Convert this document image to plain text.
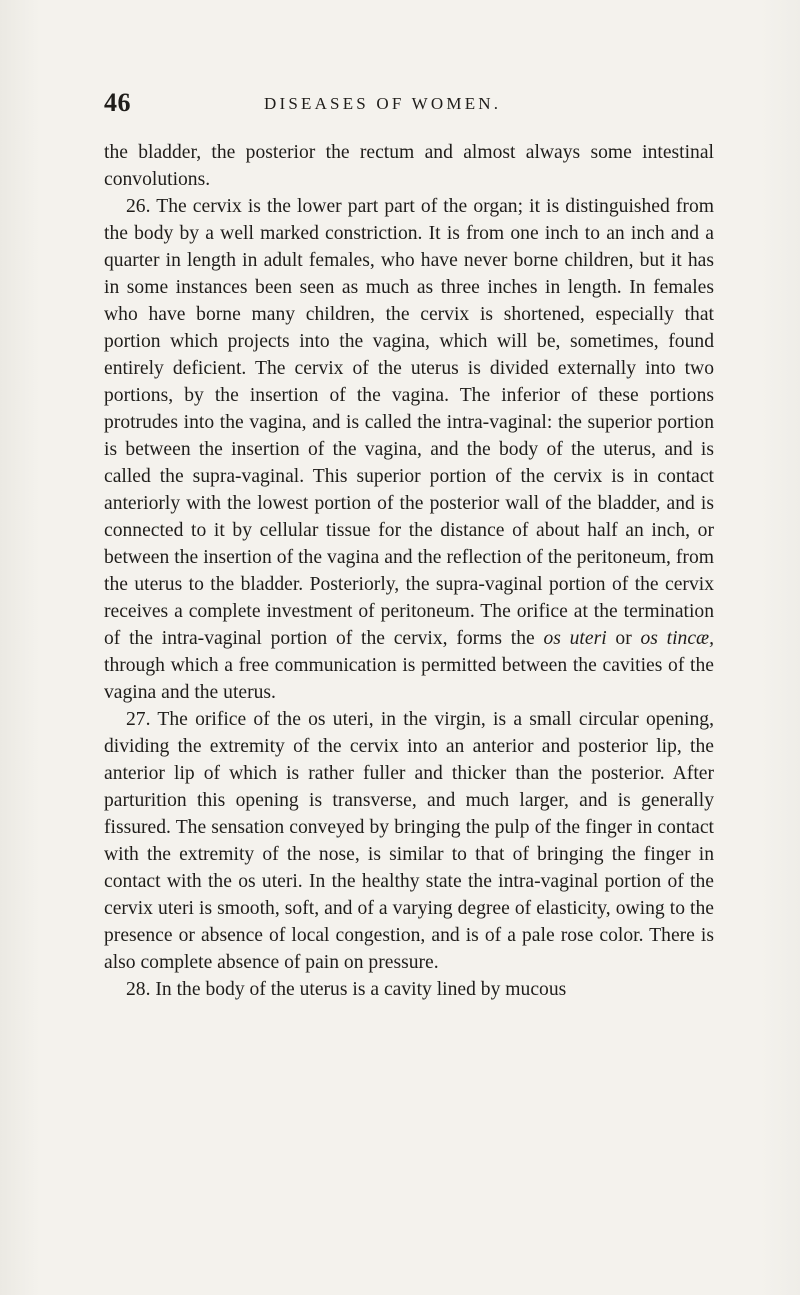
46	DISEASES OF WOMEN.

the bladder, the posterior the rectum and almost always some intestinal convolutions.

26. The cervix is the lower part part of the organ; it is distinguished from the body by a well marked constriction. It is from one inch to an inch and a quarter in length in adult females, who have never borne children, but it has in some instances been seen as much as three inches in length. In females who have borne many children, the cervix is shortened, especially that portion which projects into the vagina, which will be, sometimes, found entirely deficient. The cervix of the uterus is divided externally into two portions, by the insertion of the vagina. The inferior of these portions protrudes into the vagina, and is called the intra-vaginal: the superior portion is between the insertion of the vagina, and the body of the uterus, and is called the supra-vaginal. This superior portion of the cervix is in contact anteriorly with the lowest portion of the posterior wall of the bladder, and is connected to it by cellular tissue for the distance of about half an inch, or between the insertion of the vagina and the reflection of the peritoneum, from the uterus to the bladder. Posteriorly, the supra-vaginal portion of the cervix receives a complete investment of peritoneum. The orifice at the termination of the intra-vaginal portion of the cervix, forms the os uteri or os tincæ, through which a free communication is permitted between the cavities of the vagina and the uterus.

27. The orifice of the os uteri, in the virgin, is a small circular opening, dividing the extremity of the cervix into an anterior and posterior lip, the anterior lip of which is rather fuller and thicker than the posterior. After parturition this opening is transverse, and much larger, and is generally fissured. The sensation conveyed by bringing the pulp of the finger in contact with the extremity of the nose, is similar to that of bringing the finger in contact with the os uteri. In the healthy state the intra-vaginal portion of the cervix uteri is smooth, soft, and of a varying degree of elasticity, owing to the presence or absence of local congestion, and is of a pale rose color. There is also complete absence of pain on pressure.

28. In the body of the uterus is a cavity lined by mucous
